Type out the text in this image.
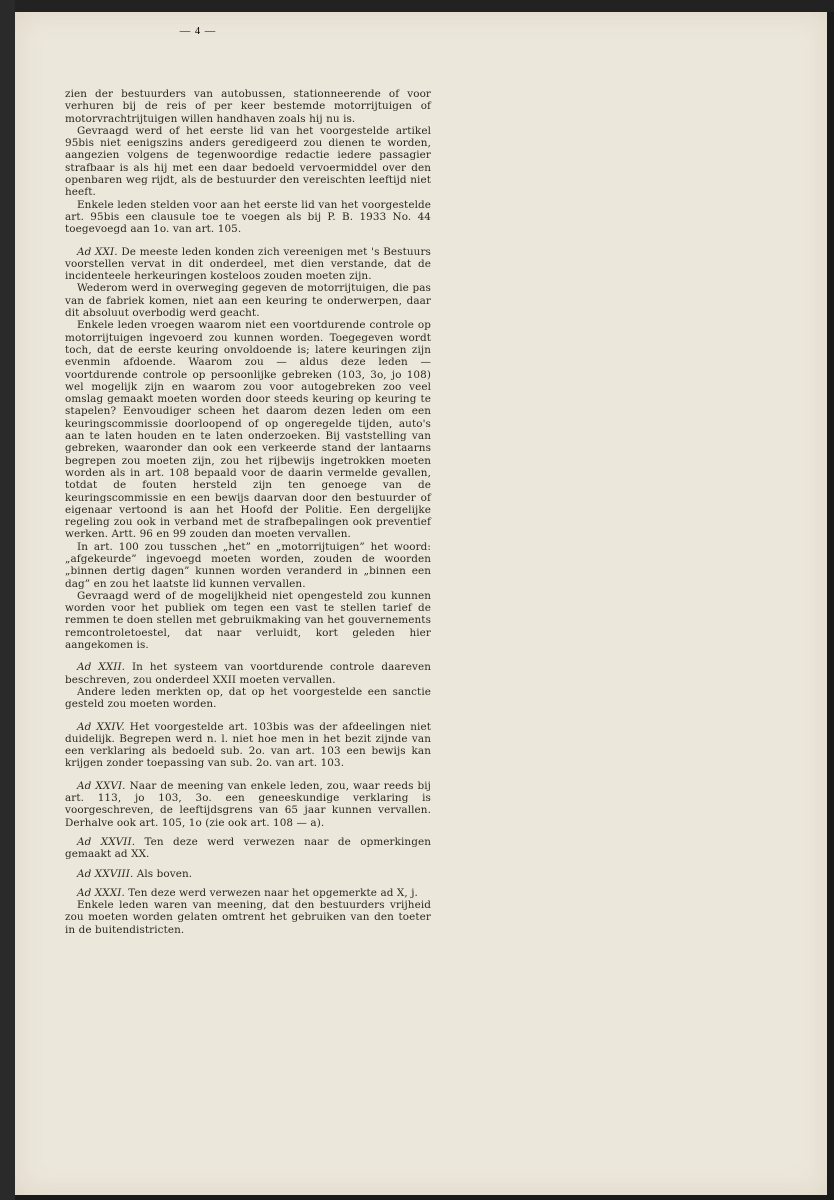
— 4 —

zien der bestuurders van autobussen, stationneerende of voor verhuren bij de reis of per keer bestemde motorrijtuigen of motorvrachtrijtuigen willen handhaven zoals hij nu is.

Gevraagd werd of het eerste lid van het voorgestelde artikel 95bis niet eenigszins anders geredigeerd zou dienen te worden, aangezien volgens de tegenwoordige redactie iedere passagier strafbaar is als hij met een daar bedoeld vervoermiddel over den openbaren weg rijdt, als de bestuurder den vereischten leeftijd niet heeft.

Enkele leden stelden voor aan het eerste lid van het voorgestelde art. 95bis een clausule toe te voegen als bij P. B. 1933 No. 44 toegevoegd aan 1o. van art. 105.

Ad XXI. De meeste leden konden zich vereenigen met 's Bestuurs voorstellen vervat in dit onderdeel, met dien verstande, dat de incidenteele herkeuringen kosteloos zouden moeten zijn.

Wederom werd in overweging gegeven de motorrijtuigen, die pas van de fabriek komen, niet aan een keuring te onderwerpen, daar dit absoluut overbodig werd geacht.

Enkele leden vroegen waarom niet een voortdurende controle op motorrijtuigen ingevoerd zou kunnen worden. Toegegeven wordt toch, dat de eerste keuring onvoldoende is; latere keuringen zijn evenmin afdoende. Waarom zou — aldus deze leden — voortdurende controle op persoonlijke gebreken (103, 3o, jo 108) wel mogelijk zijn en waarom zou voor autogebreken zoo veel omslag gemaakt moeten worden door steeds keuring op keuring te stapelen? Eenvoudiger scheen het daarom dezen leden om een keuringscommissie doorloopend of op ongeregelde tijden, auto's aan te laten houden en te laten onderzoeken. Bij vaststelling van gebreken, waaronder dan ook een verkeerde stand der lantaarns begrepen zou moeten zijn, zou het rijbewijs ingetrokken moeten worden als in art. 108 bepaald voor de daarin vermelde gevallen, totdat de fouten hersteld zijn ten genoege van de keuringscommissie en een bewijs daarvan door den bestuurder of eigenaar vertoond is aan het Hoofd der Politie. Een dergelijke regeling zou ook in verband met de strafbepalingen ook preventief werken. Artt. 96 en 99 zouden dan moeten vervallen.

In art. 100 zou tusschen „het” en „motorrijtuigen” het woord: „afgekeurde” ingevoegd moeten worden, zouden de woorden „binnen dertig dagen” kunnen worden veranderd in „binnen een dag” en zou het laatste lid kunnen vervallen.

Gevraagd werd of de mogelijkheid niet opengesteld zou kunnen worden voor het publiek om tegen een vast te stellen tarief de remmen te doen stellen met gebruikmaking van het gouvernements remcontroletoestel, dat naar verluidt, kort geleden hier aangekomen is.

Ad XXII. In het systeem van voortdurende controle daareven beschreven, zou onderdeel XXII moeten vervallen.

Andere leden merkten op, dat op het voorgestelde een sanctie gesteld zou moeten worden.

Ad XXIV. Het voorgestelde art. 103bis was der afdeelingen niet duidelijk. Begrepen werd n. l. niet hoe men in het bezit zijnde van een verklaring als bedoeld sub. 2o. van art. 103 een bewijs kan krijgen zonder toepassing van sub. 2o. van art. 103.

Ad XXVI. Naar de meening van enkele leden, zou, waar reeds bij art. 113, jo 103, 3o. een geneeskundige verklaring is voorgeschreven, de leeftijdsgrens van 65 jaar kunnen vervallen. Derhalve ook art. 105, 1o (zie ook art. 108 — a).

Ad XXVII. Ten deze werd verwezen naar de opmerkingen gemaakt ad XX.

Ad XXVIII. Als boven.

Ad XXXI. Ten deze werd verwezen naar het opgemerkte ad X, j.

Enkele leden waren van meening, dat den bestuurders vrijheid zou moeten worden gelaten omtrent het gebruiken van den toeter in de buitendistricten.
